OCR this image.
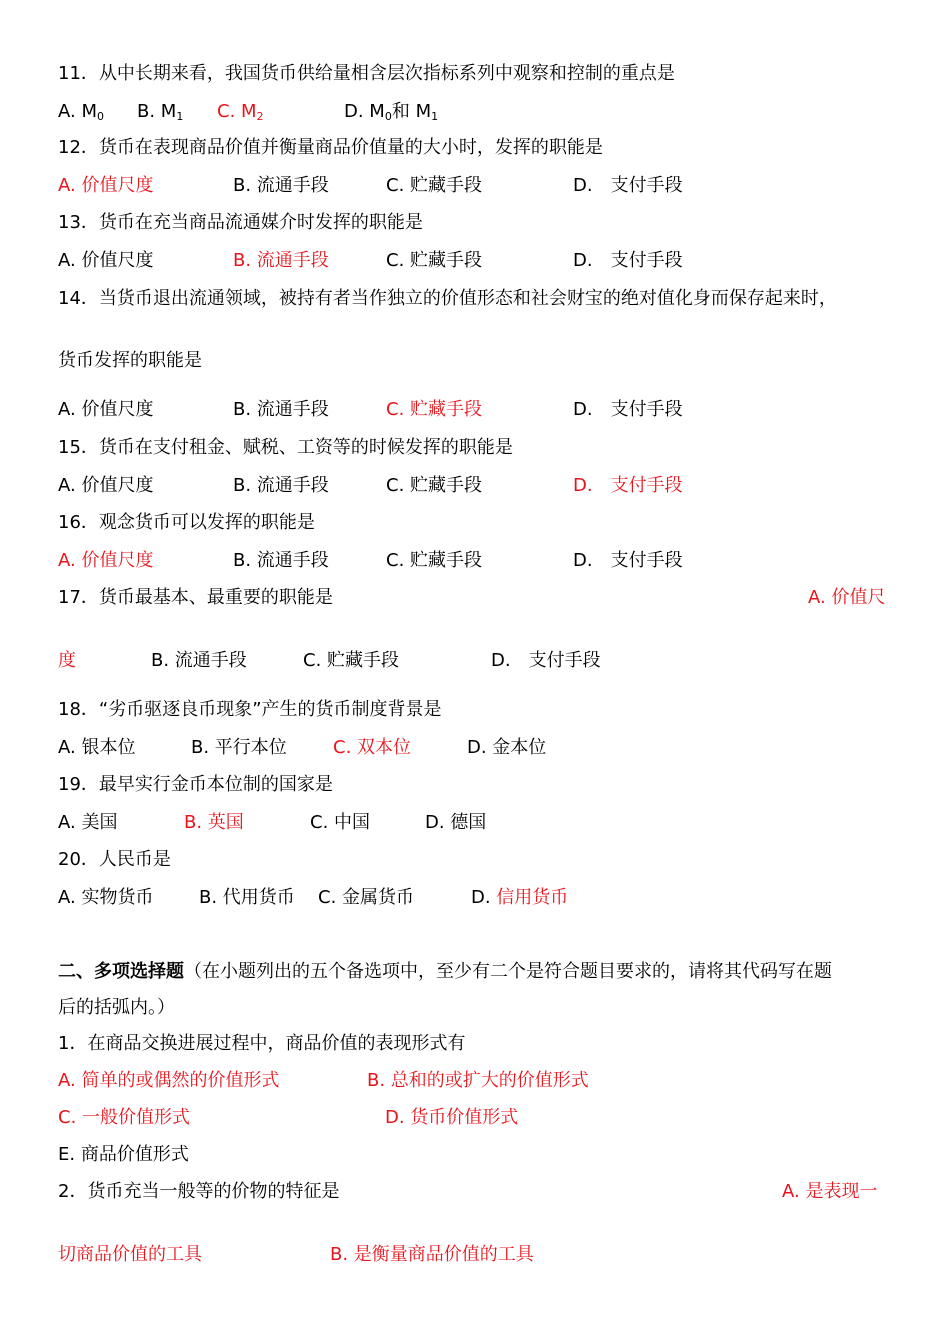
11．从中长期来看，我国货币供给量相含层次指标系列中观察和控制的重点是
A. $M_0$ B. $M_1$ C. $M_2$	D. $M_0$和 $M_1$
12．货币在表现商品价值并衡量商品价值量的大小时，发挥的职能是
A. 价值尺度	B. 流通手段	C. 贮藏手段	D.　支付手段
13．货币在充当商品流通媒介时发挥的职能是
A. 价值尺度	B. 流通手段	C. 贮藏手段	D.　支付手段
14．当货币退出流通领域，被持有者当作独立的价值形态和社会财宝的绝对值化身而保存起来时，
货币发挥的职能是
A. 价值尺度	B. 流通手段	C. 贮藏手段	D.　支付手段
15．货币在支付租金、赋税、工资等的时候发挥的职能是
A. 价值尺度	B. 流通手段	C. 贮藏手段	D.　支付手段
16．观念货币可以发挥的职能是
A. 价值尺度	B. 流通手段	C. 贮藏手段	D.　支付手段
17．货币最基本、最重要的职能是	A. 价值尺
度	B. 流通手段	C. 贮藏手段	D.　支付手段
18．“劣币驱逐良币现象”产生的货币制度背景是
A. 银本位	B. 平行本位	C. 双本位	D. 金本位
19．最早实行金币本位制的国家是
A. 美国	B. 英国	C. 中国	D. 德国
20．人民币是
A. 实物货币	B. 代用货币 C. 金属货币	D. 信用货币
二、多项选择题（在小题列出的五个备选项中，至少有二个是符合题目要求的，请将其代码写在题
后的括弧内。）
1．在商品交换进展过程中，商品价值的表现形式有
A. 简单的或偶然的价值形式	B. 总和的或扩大的价值形式
C. 一般价值形式	D. 货币价值形式
E. 商品价值形式
2．货币充当一般等的价物的特征是	A. 是表现一
切商品价值的工具	B. 是衡量商品价值的工具
